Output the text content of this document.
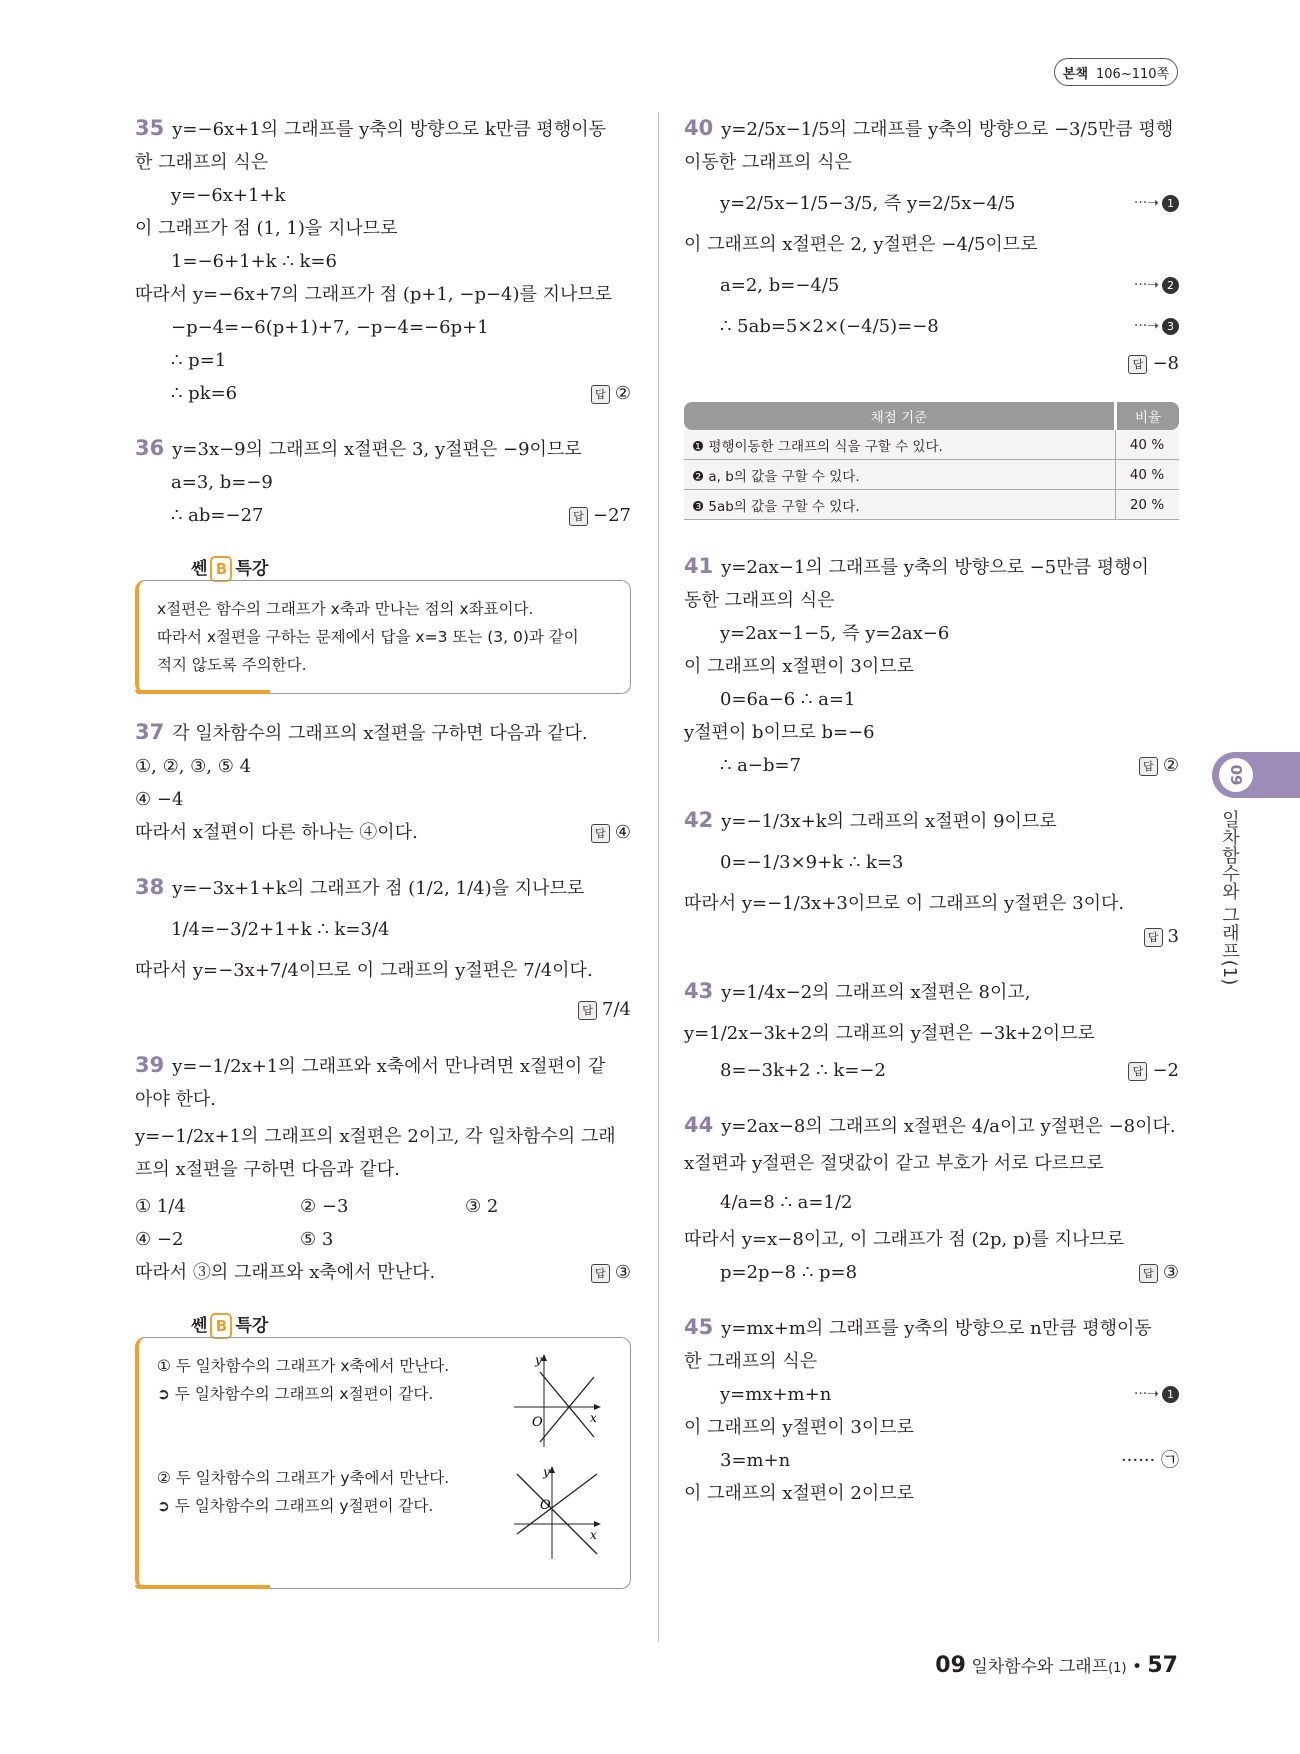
본책 106~110쪽
35 y=−6x+1의 그래프를 y축의 방향으로 k만큼 평행이동
한 그래프의 식은
y=−6x+1+k
이 그래프가 점 (1, 1)을 지나므로
1=−6+1+k ∴ k=6
따라서 y=−6x+7의 그래프가 점 (p+1, −p−4)를 지나므로
−p−4=−6(p+1)+7, −p−4=−6p+1
∴ p=1
∴ pk=6	답 ②
36 y=3x−9의 그래프의 x절편은 3, y절편은 −9이므로
a=3, b=−9
∴ ab=−27	답 −27
쎈 B 특강
x절편은 함수의 그래프가 x축과 만나는 점의 x좌표이다.
따라서 x절편을 구하는 문제에서 답을 x=3 또는 (3, 0)과 같이
적지 않도록 주의한다.
37 각 일차함수의 그래프의 x절편을 구하면 다음과 같다.
①, ②, ③, ⑤ 4
④ −4
따라서 x절편이 다른 하나는 ④이다.	답 ④
38 y=−3x+1+k의 그래프가 점 (1/2, 1/4)을 지나므로
1/4=−3/2+1+k ∴ k=3/4
따라서 y=−3x+7/4이므로 이 그래프의 y절편은 7/4이다.
답 7/4
39 y=−1/2x+1의 그래프와 x축에서 만나려면 x절편이 같
아야 한다.
y=−1/2x+1의 그래프의 x절편은 2이고, 각 일차함수의 그래
프의 x절편을 구하면 다음과 같다.
① 1/4	② −3	③ 2
④ −2	⑤ 3
따라서 ③의 그래프와 x축에서 만난다.	답 ③
쎈 B 특강
① 두 일차함수의 그래프가 x축에서 만난다.
➲ 두 일차함수의 그래프의 x절편이 같다.
O
y
x
② 두 일차함수의 그래프가 y축에서 만난다.
➲ 두 일차함수의 그래프의 y절편이 같다.	O
y
x
40 y=2/5x−1/5의 그래프를 y축의 방향으로 −3/5만큼 평행
이동한 그래프의 식은
y=2/5x−1/5−3/5, 즉 y=2/5x−4/5	···➝ 1
이 그래프의 x절편은 2, y절편은 −4/5이므로
a=2, b=−4/5	···➝ 2
∴ 5ab=5×2×(−4/5)=−8	···➝ 3
답 −8

채점 기준	비율
❶ 평행이동한 그래프의 식을 구할 수 있다.	40 %
❷ a, b의 값을 구할 수 있다.	40 %
❸ 5ab의 값을 구할 수 있다.	20 %
41 y=2ax−1의 그래프를 y축의 방향으로 −5만큼 평행이
동한 그래프의 식은
y=2ax−1−5, 즉 y=2ax−6
이 그래프의 x절편이 3이므로
0=6a−6 ∴ a=1
y절편이 b이므로 b=−6
∴ a−b=7	답 ②
42 y=−1/3x+k의 그래프의 x절편이 9이므로
0=−1/3×9+k ∴ k=3
따라서 y=−1/3x+3이므로 이 그래프의 y절편은 3이다.
답 3

43 y=1/4x−2의 그래프의 x절편은 8이고,
y=1/2x−3k+2의 그래프의 y절편은 −3k+2이므로
8=−3k+2 ∴ k=−2	답 −2
44 y=2ax−8의 그래프의 x절편은 4/a이고 y절편은 −8이다.
x절편과 y절편은 절댓값이 같고 부호가 서로 다르므로
4/a=8 ∴ a=1/2
따라서 y=x−8이고, 이 그래프가 점 (2p, p)를 지나므로
p=2p−8 ∴ p=8	답 ③
45 y=mx+m의 그래프를 y축의 방향으로 n만큼 평행이동
한 그래프의 식은
y=mx+m+n	···➝ 1
이 그래프의 y절편이 3이므로
3=m+n	······ ㉠
이 그래프의 x절편이 2이므로
09
일차함수와 그래프(1)
09 일차함수와 그래프(1) • 57
